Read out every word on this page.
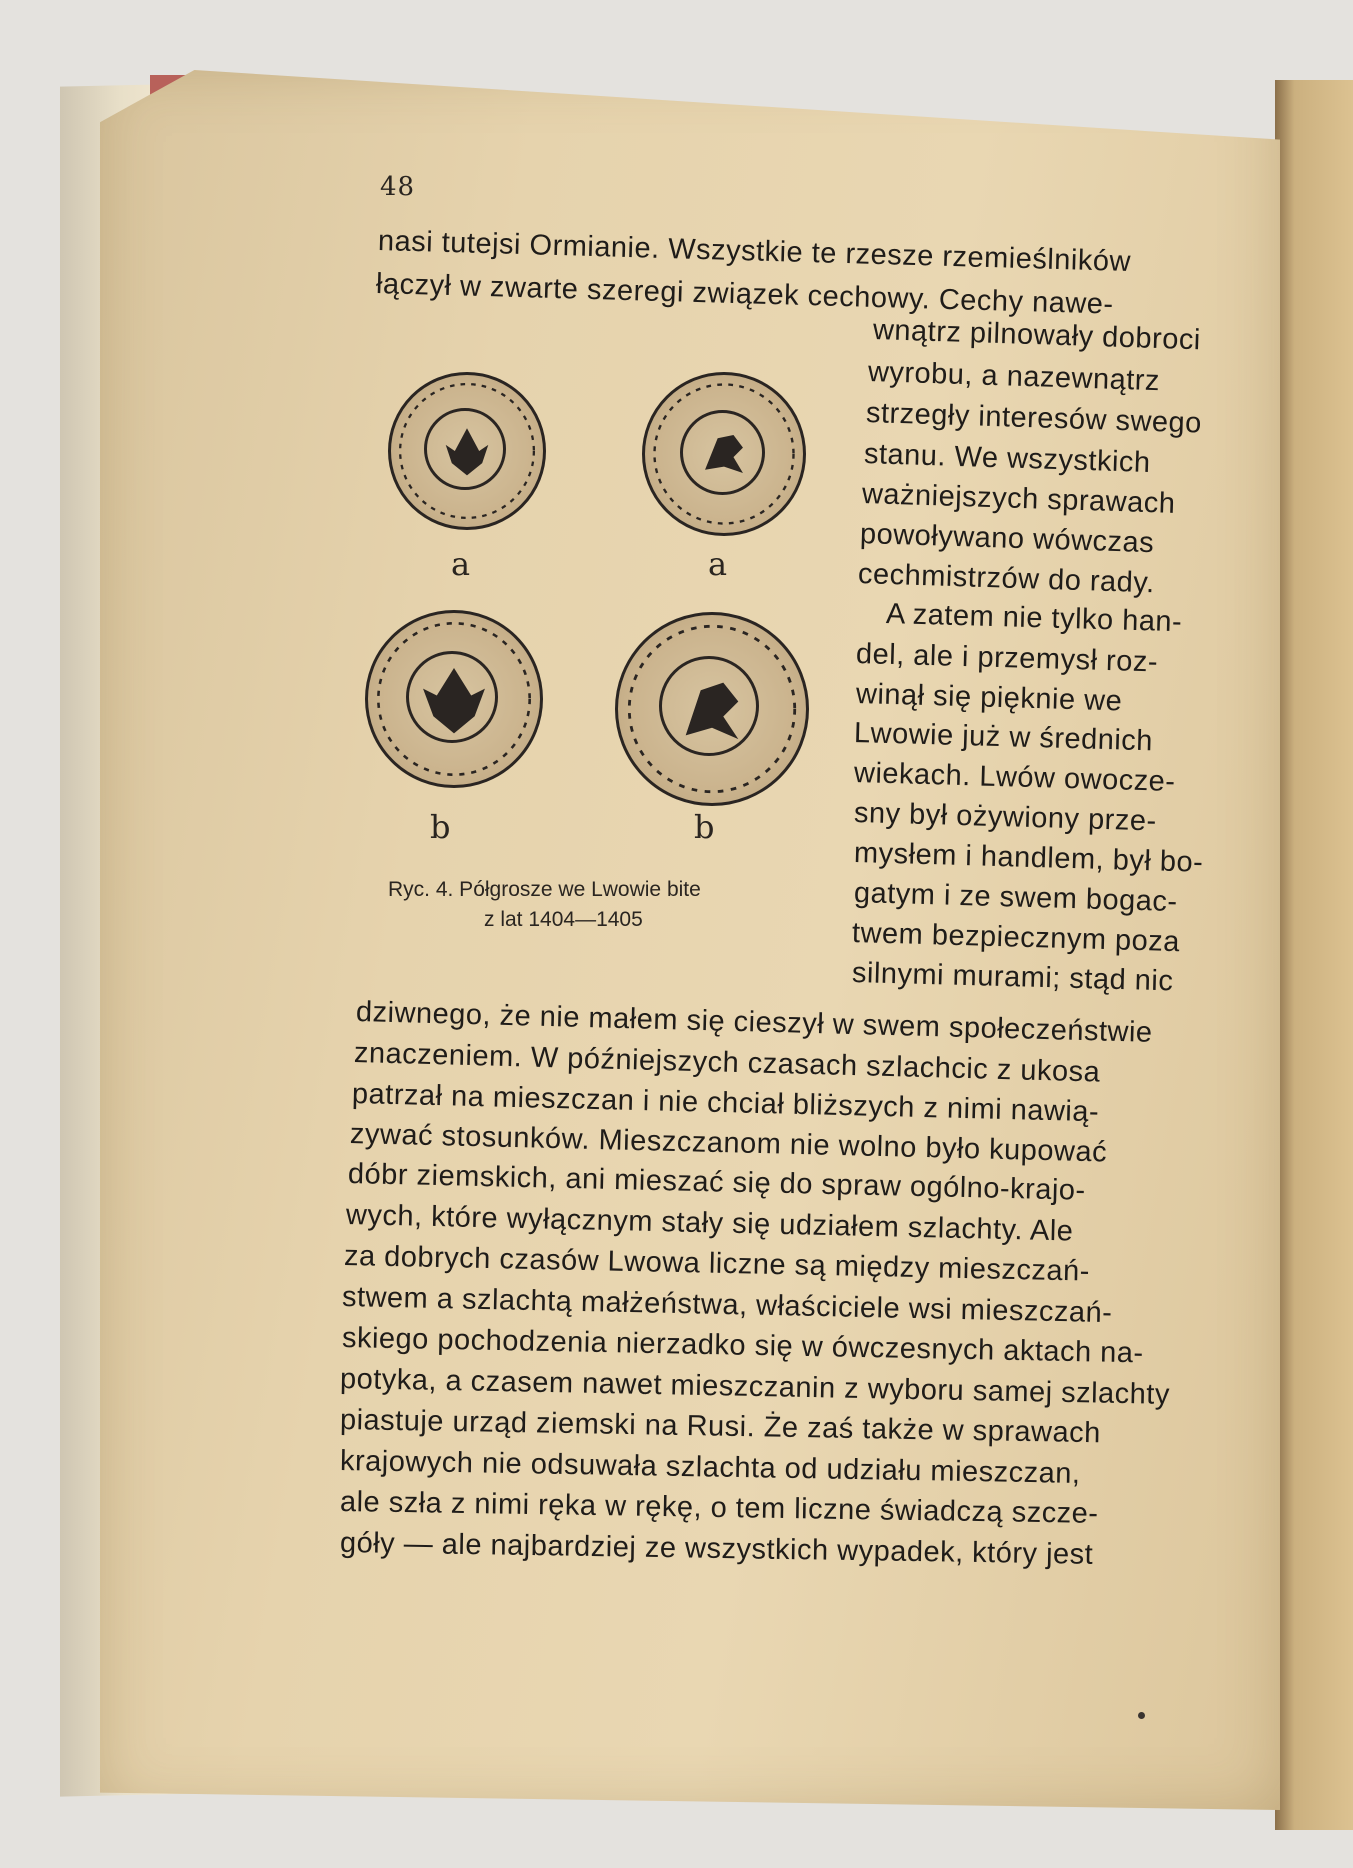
48
nasi tutejsi Ormianie. Wszystkie te rzesze rzemieślników
łączył w zwarte szeregi związek cechowy. Cechy nawe-
wnątrz pilnowały dobroci
wyrobu, a nazewnątrz
strzegły interesów swego
stanu. We wszystkich
ważniejszych sprawach
powoływano wówczas
cechmistrzów do rady.
A zatem nie tylko han-
del, ale i przemysł roz-
winął się pięknie we
Lwowie już w średnich
wiekach. Lwów owocze-
sny był ożywiony prze-
mysłem i handlem, był bo-
gatym i ze swem bogac-
twem bezpiecznym poza
silnymi murami; stąd nic
dziwnego, że nie małem się cieszył w swem społeczeństwie
znaczeniem. W późniejszych czasach szlachcic z ukosa
patrzał na mieszczan i nie chciał bliższych z nimi nawią-
zywać stosunków. Mieszczanom nie wolno było kupować
dóbr ziemskich, ani mieszać się do spraw ogólno-krajo-
wych, które wyłącznym stały się udziałem szlachty. Ale
za dobrych czasów Lwowa liczne są między mieszczań-
stwem a szlachtą małżeństwa, właściciele wsi mieszczań-
skiego pochodzenia nierzadko się w ówczesnych aktach na-
potyka, a czasem nawet mieszczanin z wyboru samej szlachty
piastuje urząd ziemski na Rusi. Że zaś także w sprawach
krajowych nie odsuwała szlachta od udziału mieszczan,
ale szła z nimi ręka w rękę, o tem liczne świadczą szcze-
góły — ale najbardziej ze wszystkich wypadek, który jest
a	a
b	b
Ryc. 4. Półgrosze we Lwowie bite
z lat 1404—1405
